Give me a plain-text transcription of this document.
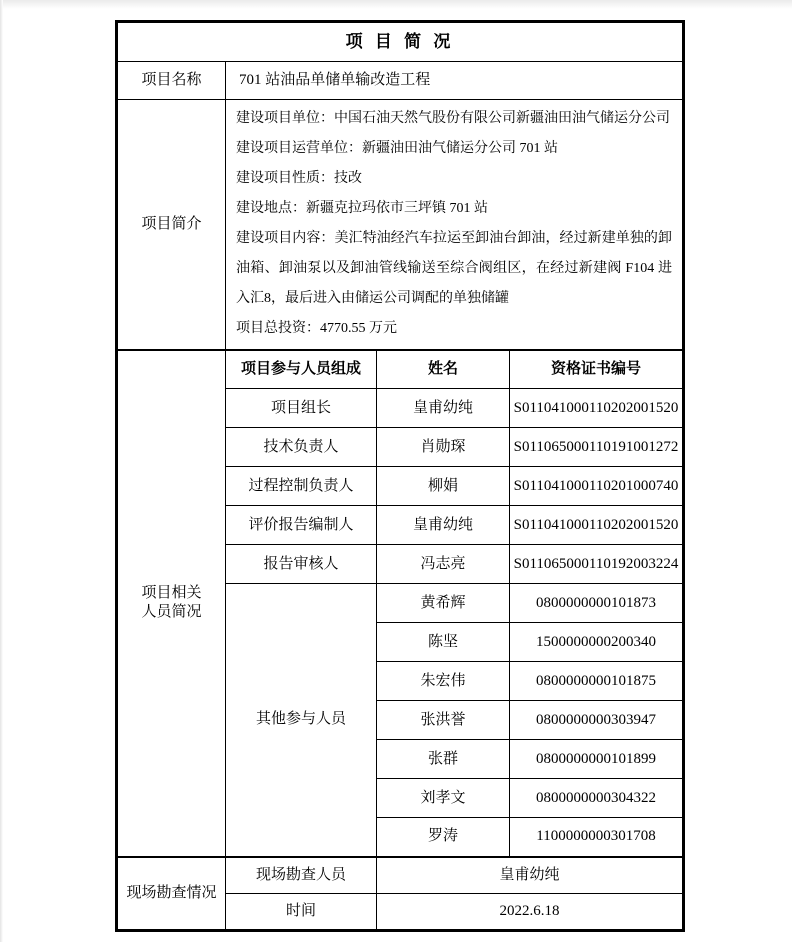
项 目 简 况			
项目名称	701 站油品单储单输改造工程		
项目简介	

建设项目单位：中国石油天然气股份有限公司新疆油田油气储运分公司

建设项目运营单位：新疆油田油气储运分公司 701 站

建设项目性质：技改

建设地点：新疆克拉玛依市三坪镇 701 站

建设项目内容：美汇特油经汽车拉运至卸油台卸油，经过新建单独的卸油箱、卸油泵以及卸油管线输送至综合阀组区，在经过新建阀 F104 进入汇8，最后进入由储运公司调配的单独储罐

项目总投资：4770.55 万元

项目相关
人员简况	项目参与人员组成	姓名	资格证书编号
	项目组长	皇甫幼纯	S011041000110202001520
	技术负责人	肖勋琛	S011065000110191001272
	过程控制负责人	柳娟	S011041000110201000740
	评价报告编制人	皇甫幼纯	S011041000110202001520
	报告审核人	冯志亮	S011065000110192003224
	其他参与人员	黄希辉	0800000000101873
		陈坚	1500000000200340
		朱宏伟	0800000000101875
		张洪誉	0800000000303947
		张群	0800000000101899
		刘孝文	0800000000304322
		罗涛	1100000000301708
现场勘查情况	现场勘查人员	皇甫幼纯	
	时间	2022.6.18	
